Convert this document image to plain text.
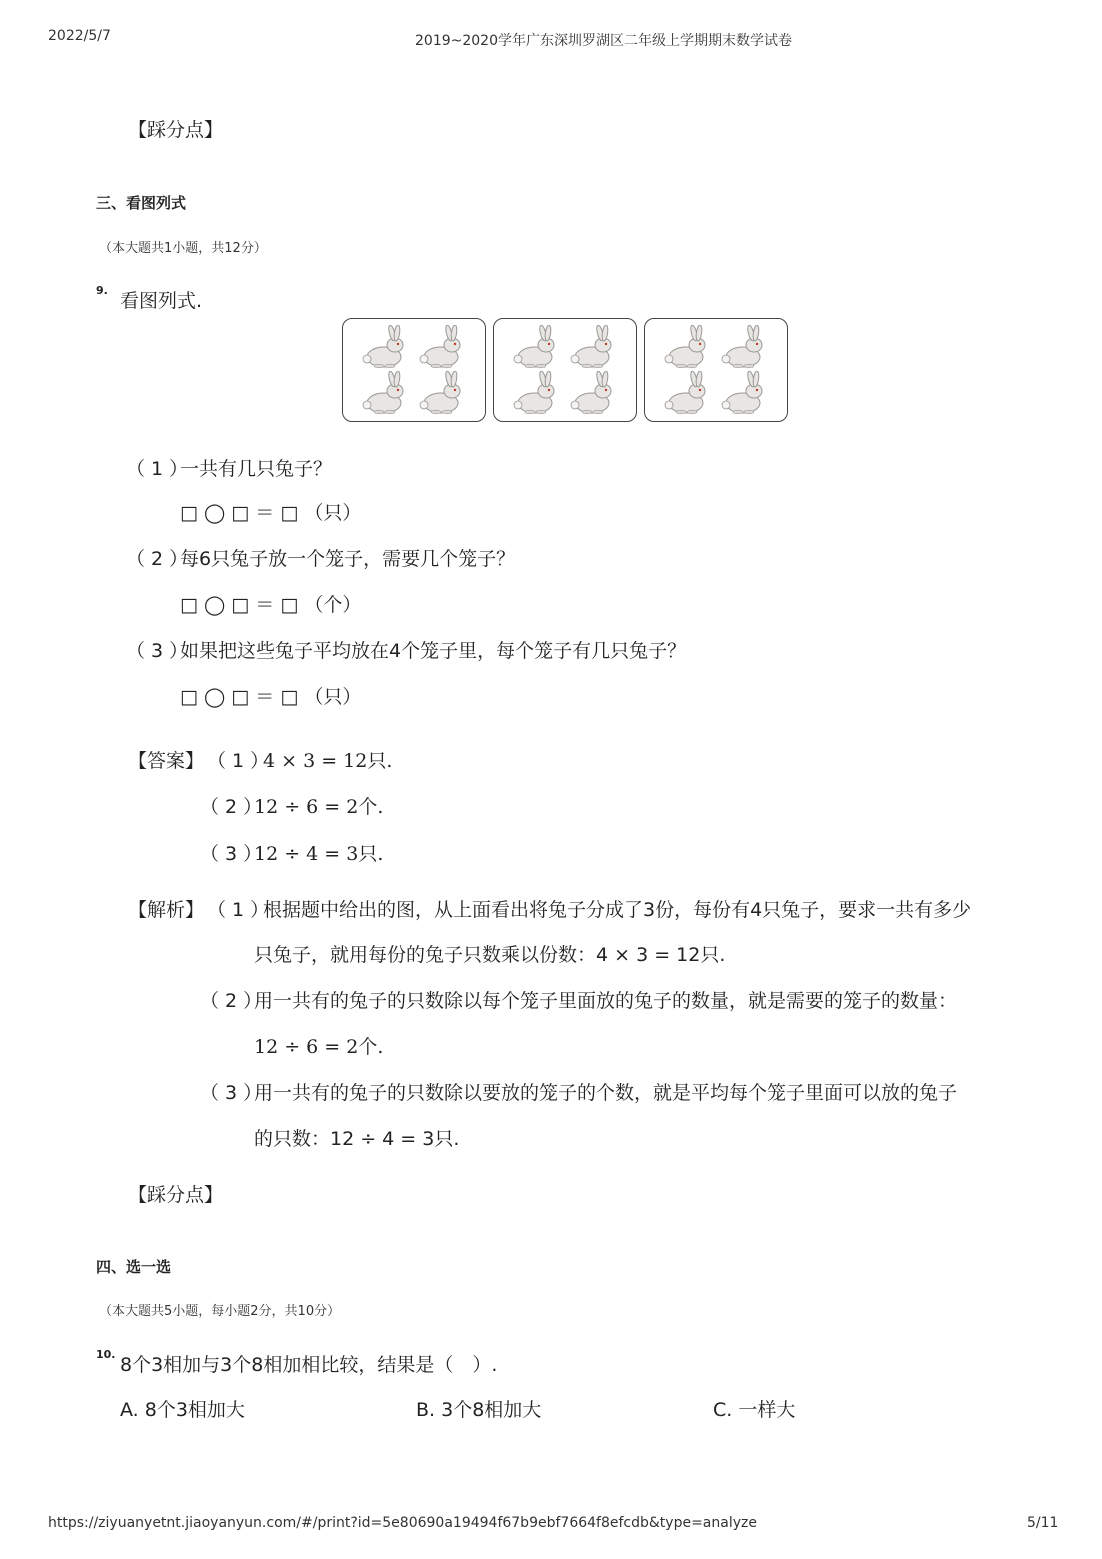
2022/5/7	2019~2020学年广东深圳罗湖区二年级上学期期末数学试卷
【踩分点】
三、看图列式
（本大题共1小题，共12分）
9. 看图列式.
（ 1 ）
一共有几只兔子？
□ ◯ □ ＝ □ （只）
（ 2 ）
每6只兔子放一个笼子，需要几个笼子？
□ ◯ □ ＝ □ （个）
（ 3 ）
如果把这些兔子平均放在4个笼子里，每个笼子有几只兔子？
□ ◯ □ ＝ □ （只）
【答案】 （ 1 ）
4 × 3 = 12只.
（ 2 ）
12 ÷ 6 = 2个.
（ 3 ）
12 ÷ 4 = 3只.
【解析】 （ 1 ）
根据题中给出的图，从上面看出将兔子分成了3份，每份有4只兔子，要求一共有多少
只兔子，就用每份的兔子只数乘以份数：4 × 3 = 12只.
（ 2 ）
用一共有的兔子的只数除以每个笼子里面放的兔子的数量，就是需要的笼子的数量：
12 ÷ 6 = 2个.
（ 3 ）
用一共有的兔子的只数除以要放的笼子的个数，就是平均每个笼子里面可以放的兔子
的只数：12 ÷ 4 = 3只.
【踩分点】
四、选一选
（本大题共5小题，每小题2分，共10分）
10. 8个3相加与3个8相加相比较，结果是（　）.
A. 8个3相加大	B. 3个8相加大	C. 一样大
https://ziyuanyetnt.jiaoyanyun.com/#/print?id=5e80690a19494f67b9ebf7664f8efcdb&type=analyze	5/11
